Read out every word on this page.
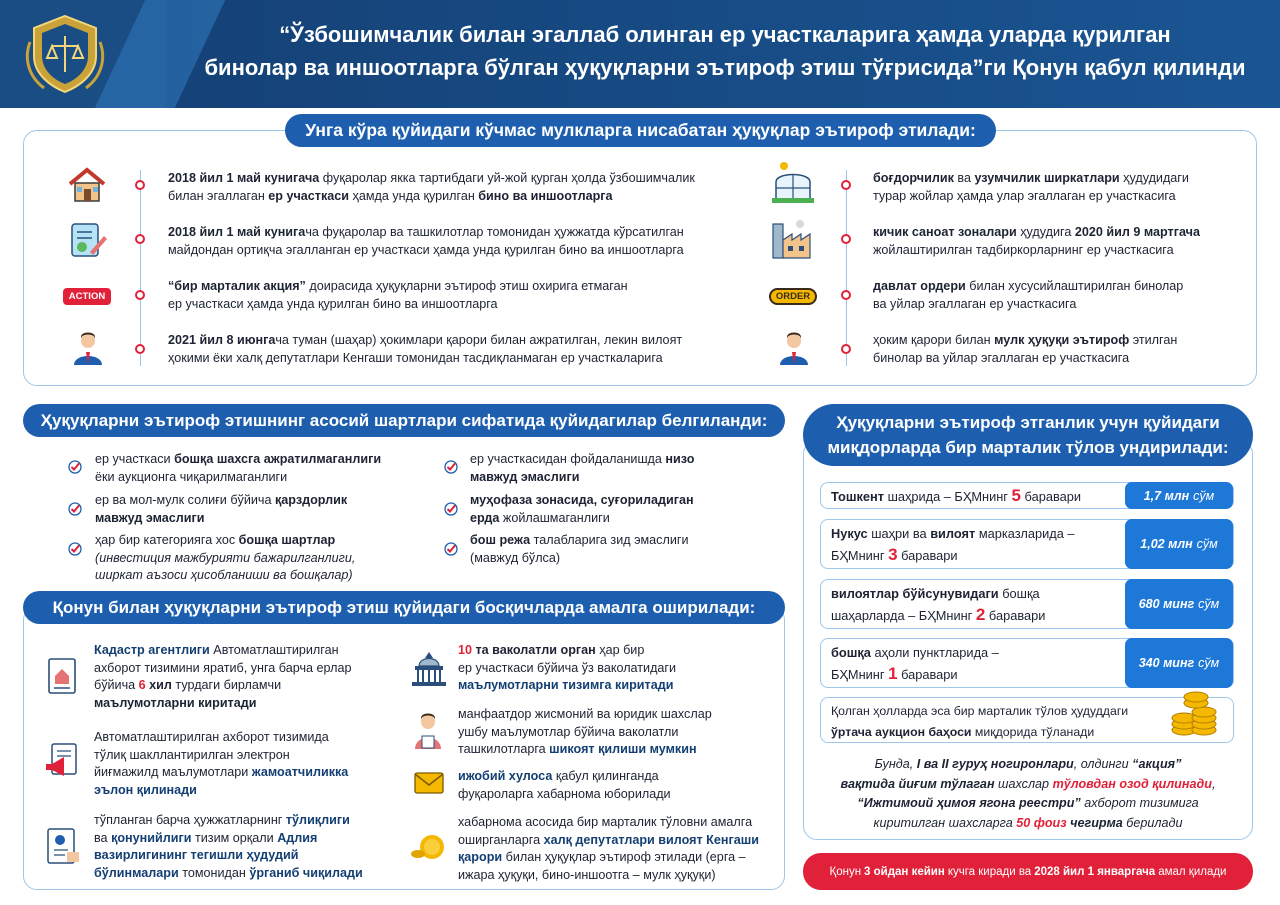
“Ўзбошимчалик билан эгаллаб олинган ер участкаларига ҳамда уларда қурилган
бинолар ва иншоотларга бўлган ҳуқуқларни эътироф этиш тўғрисида”ги Қонун қабул қилинди
Унга кўра қуйидаги кўчмас мулкларга нисабатан ҳуқуқлар эътироф этилади:
2018 йил 1 май кунигача фуқаролар якка тартибдаги уй-жой қурган ҳолда ўзбошимчалик
билан эгаллаган ер участкаси ҳамда унда қурилган бино ва иншоотларга
2018 йил 1 май кунигача фуқаролар ва ташкилотлар томонидан ҳужжатда кўрсатилган
майдондан ортиқча эгалланган ер участкаси ҳамда унда қурилган бино ва иншоотларга
ACTION
“бир марталик акция” доирасида ҳуқуқларни эътироф этиш охирига етмаган
ер участкаси ҳамда унда қурилган бино ва иншоотларга
2021 йил 8 июнгача туман (шаҳар) ҳокимлари қарори билан ажратилган, лекин вилоят
ҳокими ёки халқ депутатлари Кенгаши томонидан тасдиқланмаган ер участкаларига
боғдорчилик ва узумчилик ширкатлари ҳудудидаги
турар жойлар ҳамда улар эгаллаган ер участкасига
кичик саноат зоналари ҳудудига 2020 йил 9 мартгача
жойлаштирилган тадбиркорларнинг ер участкасига
ORDER
давлат ордери билан хусусийлаштирилган бинолар
ва уйлар эгаллаган ер участкасига
ҳоким қарори билан мулк ҳуқуқи эътироф этилган
бинолар ва уйлар эгаллаган ер участкасига
Ҳуқуқларни эътироф этишнинг асосий шартлари сифатида қуйидагилар белгиланди:
ер участкаси бошқа шахсга ажратилмаганлиги
ёки аукционга чиқарилмаганлиги
ер ва мол-мулк солиғи бўйича қарздорлик
мавжуд эмаслиги
ҳар бир категорияга хос бошқа шартлар
(инвестиция мажбурияти бажарилганлиги,
ширкат аъзоси ҳисобланиши ва бошқалар)
ер участкасидан фойдаланишда низо
мавжуд эмаслиги
муҳофаза зонасида, суғориладиган
ерда жойлашмаганлиги
бош режа талабларига зид эмаслиги
(мавжуд бўлса)
Қонун билан ҳуқуқларни эътироф этиш қуйидаги босқичларда амалга оширилади:
Кадастр агентлиги Автоматлаштирилган
ахборот тизимини яратиб, унга барча ерлар
бўйича 6 хил турдаги бирламчи
маълумотларни киритади
Автоматлаштирилган ахборот тизимида
тўлиқ шакллантирилган электрон
йиғмажилд маълумотлари жамоатчиликка
эълон қилинади
тўпланган барча ҳужжатларнинг тўлиқлиги
ва қонунийлиги тизим орқали Адлия
вазирлигининг тегишли ҳудудий
бўлинмалари томонидан ўрганиб чиқилади
10 та ваколатли орган ҳар бир
ер участкаси бўйича ўз ваколатидаги
маълумотларни тизимга киритади
манфаатдор жисмоний ва юридик шахслар
ушбу маълумотлар бўйича ваколатли
ташкилотларга шикоят қилиши мумкин
ижобий хулоса қабул қилинганда
фуқароларга хабарнома юборилади
хабарнома асосида бир марталик тўловни амалга
оширганларга халқ депутатлари вилоят Кенгаши
қарори билан ҳуқуқлар эътироф этилади (ерга –
ижара ҳуқуқи, бино-иншоотга – мулк ҳуқуқи)
Ҳуқуқларни эътироф этганлик учун қуйидаги
миқдорларда бир марталик тўлов ундирилади:
Тошкент шаҳрида – БҲМнинг 5 баравари	1,7 млн сўм
Нукус шаҳри ва вилоят марказларида –
БҲМнинг 3 баравари
1,02 млн сўм
вилоятлар бўйсунувидаги бошқа
шаҳарларда – БҲМнинг 2 баравари
680 минг сўм
бошқа аҳоли пунктларида –
БҲМнинг 1 баравари
340 минг сўм
Қолган ҳолларда эса бир марталик тўлов ҳудуддаги
ўртача аукцион баҳоси миқдорида тўланади
Бунда, I ва II гуруҳ ногиронлари, олдинги “акция”
вақтида йиғим тўлаган шахслар тўловдан озод қилинади,
“Ижтимоий ҳимоя ягона реестри” ахборот тизимига
киритилган шахсларга 50 фоиз чегирма берилади
Қонун 3 ойдан кейин кучга киради ва 2028 йил 1 январгача амал қилади
